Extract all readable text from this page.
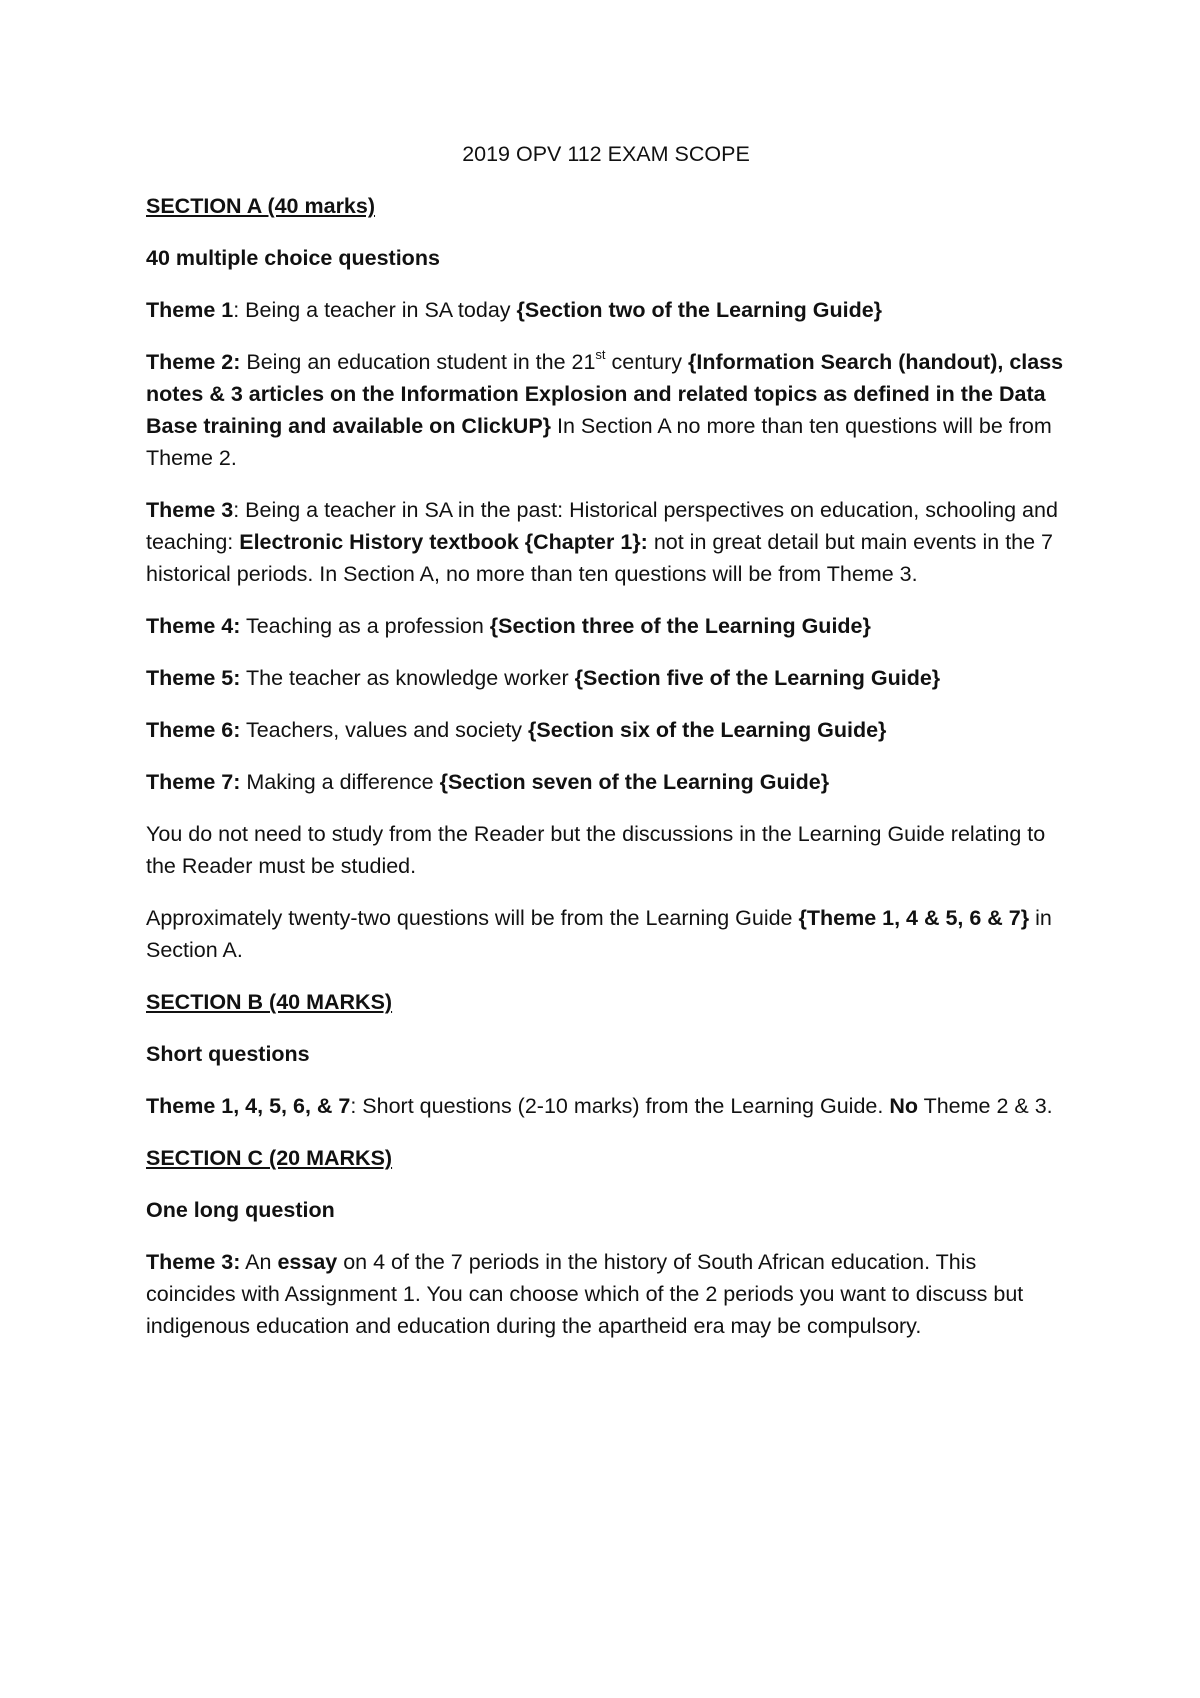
2019 OPV 112 EXAM SCOPE

SECTION A (40 marks)

40 multiple choice questions

Theme 1: Being a teacher in SA today {Section two of the Learning Guide}

Theme 2: Being an education student in the 21st century {Information Search (handout), class notes & 3 articles on the Information Explosion and related topics as defined in the Data Base training and available on ClickUP} In Section A no more than ten questions will be from Theme 2.

Theme 3: Being a teacher in SA in the past: Historical perspectives on education, schooling and teaching: Electronic History textbook {Chapter 1}: not in great detail but main events in the 7 historical periods. In Section A, no more than ten questions will be from Theme 3.

Theme 4: Teaching as a profession {Section three of the Learning Guide}

Theme 5: The teacher as knowledge worker {Section five of the Learning Guide}

Theme 6: Teachers, values and society {Section six of the Learning Guide}

Theme 7: Making a difference {Section seven of the Learning Guide}

You do not need to study from the Reader but the discussions in the Learning Guide relating to the Reader must be studied.

Approximately twenty-two questions will be from the Learning Guide {Theme 1, 4 & 5, 6 & 7} in Section A.

SECTION B (40 MARKS)

Short questions

Theme 1, 4, 5, 6, & 7: Short questions (2-10 marks) from the Learning Guide. No Theme 2 & 3.

SECTION C (20 MARKS)

One long question

Theme 3: An essay on 4 of the 7 periods in the history of South African education. This coincides with Assignment 1. You can choose which of the 2 periods you want to discuss but indigenous education and education during the apartheid era may be compulsory.
